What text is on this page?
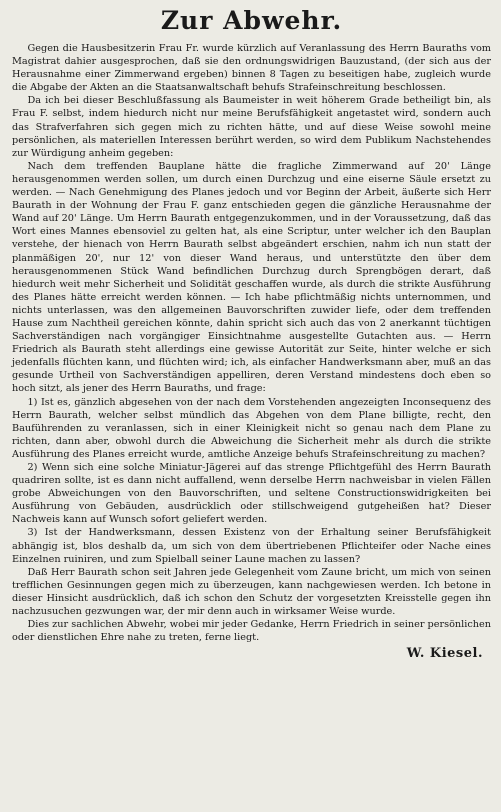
Zur Abwehr.

Gegen die Hausbesitzerin Frau Fr. wurde kürzlich auf Veranlassung des Herrn Bauraths vom Magistrat dahier ausgesprochen, daß sie den ordnungswidrigen Bauzustand, (der sich aus der Herausnahme einer Zimmerwand ergeben) binnen 8 Tagen zu beseitigen habe, zugleich wurde die Abgabe der Akten an die Staatsanwaltschaft behufs Strafeinschreitung beschlossen.

Da ich bei dieser Beschlußfassung als Baumeister in weit höherem Grade betheiligt bin, als Frau F. selbst, indem hiedurch nicht nur meine Berufsfähigkeit angetastet wird, sondern auch das Strafverfahren sich gegen mich zu richten hätte, und auf diese Weise sowohl meine persönlichen, als materiellen Interessen berührt werden, so wird dem Publikum Nachstehendes zur Würdigung anheim gegeben:

Nach dem treffenden Bauplane hätte die fragliche Zimmerwand auf 20' Länge herausgenommen werden sollen, um durch einen Durchzug und eine eiserne Säule ersetzt zu werden. — Nach Genehmigung des Planes jedoch und vor Beginn der Arbeit, äußerte sich Herr Baurath in der Wohnung der Frau F. ganz entschieden gegen die gänzliche Herausnahme der Wand auf 20' Länge. Um Herrn Baurath entgegenzukommen, und in der Voraussetzung, daß das Wort eines Mannes ebensoviel zu gelten hat, als eine Scriptur, unter welcher ich den Bauplan verstehe, der hienach von Herrn Baurath selbst abgeändert erschien, nahm ich nun statt der planmäßigen 20', nur 12' von dieser Wand heraus, und unterstützte den über dem herausgenommenen Stück Wand befindlichen Durchzug durch Sprengbögen derart, daß hiedurch weit mehr Sicherheit und Solidität geschaffen wurde, als durch die strikte Ausführung des Planes hätte erreicht werden können. — Ich habe pflichtmäßig nichts unternommen, und nichts unterlassen, was den allgemeinen Bauvorschriften zuwider liefe, oder dem treffenden Hause zum Nachtheil gereichen könnte, dahin spricht sich auch das von 2 anerkannt tüchtigen Sachverständigen nach vorgängiger Einsichtnahme ausgestellte Gutachten aus. — Herrn Friedrich als Baurath steht allerdings eine gewisse Autorität zur Seite, hinter welche er sich jedenfalls flüchten kann, und flüchten wird; ich, als einfacher Handwerksmann aber, muß an das gesunde Urtheil von Sachverständigen appelliren, deren Verstand mindestens doch eben so hoch sitzt, als jener des Herrn Bauraths, und frage:

1) Ist es, gänzlich abgesehen von der nach dem Vorstehenden angezeigten Inconsequenz des Herrn Baurath, welcher selbst mündlich das Abgehen von dem Plane billigte, recht, den Bauführenden zu veranlassen, sich in einer Kleinigkeit nicht so genau nach dem Plane zu richten, dann aber, obwohl durch die Abweichung die Sicherheit mehr als durch die strikte Ausführung des Planes erreicht wurde, amtliche Anzeige behufs Strafeinschreitung zu machen?

2) Wenn sich eine solche Miniatur-Jägerei auf das strenge Pflichtgefühl des Herrn Baurath quadriren sollte, ist es dann nicht auffallend, wenn derselbe Herrn nachweisbar in vielen Fällen grobe Abweichungen von den Bauvorschriften, und seltene Constructionswidrigkeiten bei Ausführung von Gebäuden, ausdrücklich oder stillschweigend gutgeheißen hat? Dieser Nachweis kann auf Wunsch sofort geliefert werden.

3) Ist der Handwerksmann, dessen Existenz von der Erhaltung seiner Berufsfähigkeit abhängig ist, blos deshalb da, um sich von dem übertriebenen Pflichteifer oder Nache eines Einzelnen ruiniren, und zum Spielball seiner Laune machen zu lassen?

Daß Herr Baurath schon seit Jahren jede Gelegenheit vom Zaune bricht, um mich von seinen trefflichen Gesinnungen gegen mich zu überzeugen, kann nachgewiesen werden. Ich betone in dieser Hinsicht ausdrücklich, daß ich schon den Schutz der vorgesetzten Kreisstelle gegen ihn nachzusuchen gezwungen war, der mir denn auch in wirksamer Weise wurde.

Dies zur sachlichen Abwehr, wobei mir jeder Gedanke, Herrn Friedrich in seiner persönlichen oder dienstlichen Ehre nahe zu treten, ferne liegt.

W. Kiesel.
